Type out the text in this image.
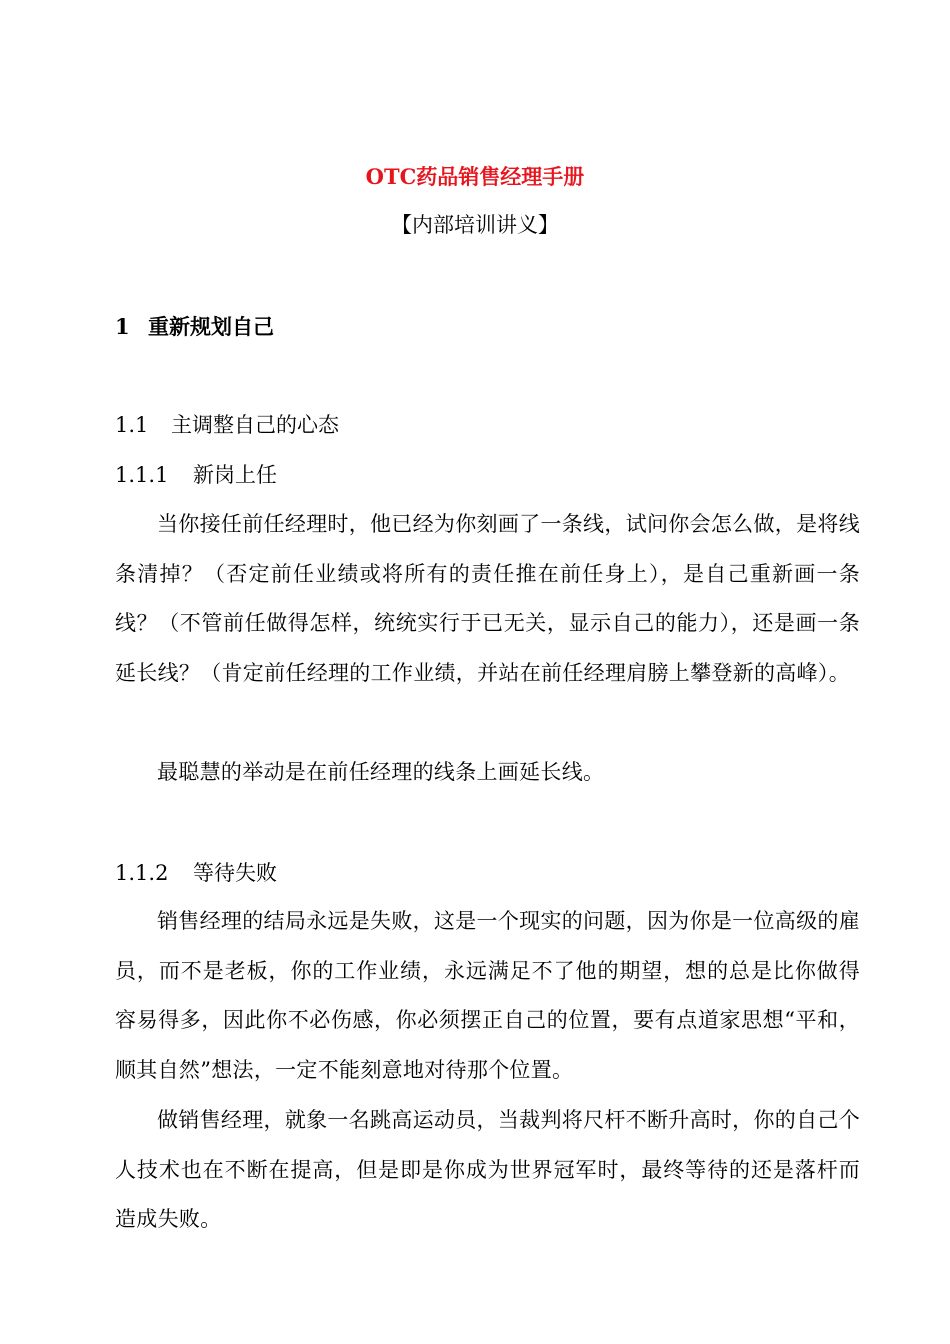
OTC药品销售经理手册
【内部培训讲义】
1 重新规划自己
1.1 主调整自己的心态
1.1.1 新岗上任

当你接任前任经理时，他已经为你刻画了一条线，试问你会怎么做，是将线条清掉？（否定前任业绩或将所有的责任推在前任身上），是自己重新画一条线？（不管前任做得怎样，统统实行于已无关，显示自己的能力），还是画一条延长线？（肯定前任经理的工作业绩，并站在前任经理肩膀上攀登新的高峰）。

最聪慧的举动是在前任经理的线条上画延长线。

1.1.2 等待失败

销售经理的结局永远是失败，这是一个现实的问题，因为你是一位高级的雇员，而不是老板，你的工作业绩，永远满足不了他的期望，想的总是比你做得容易得多，因此你不必伤感，你必须摆正自己的位置，要有点道家思想“平和，顺其自然”想法，一定不能刻意地对待那个位置。

做销售经理，就象一名跳高运动员，当裁判将尺杆不断升高时，你的自己个人技术也在不断在提高，但是即是你成为世界冠军时，最终等待的还是落杆而造成失败。
